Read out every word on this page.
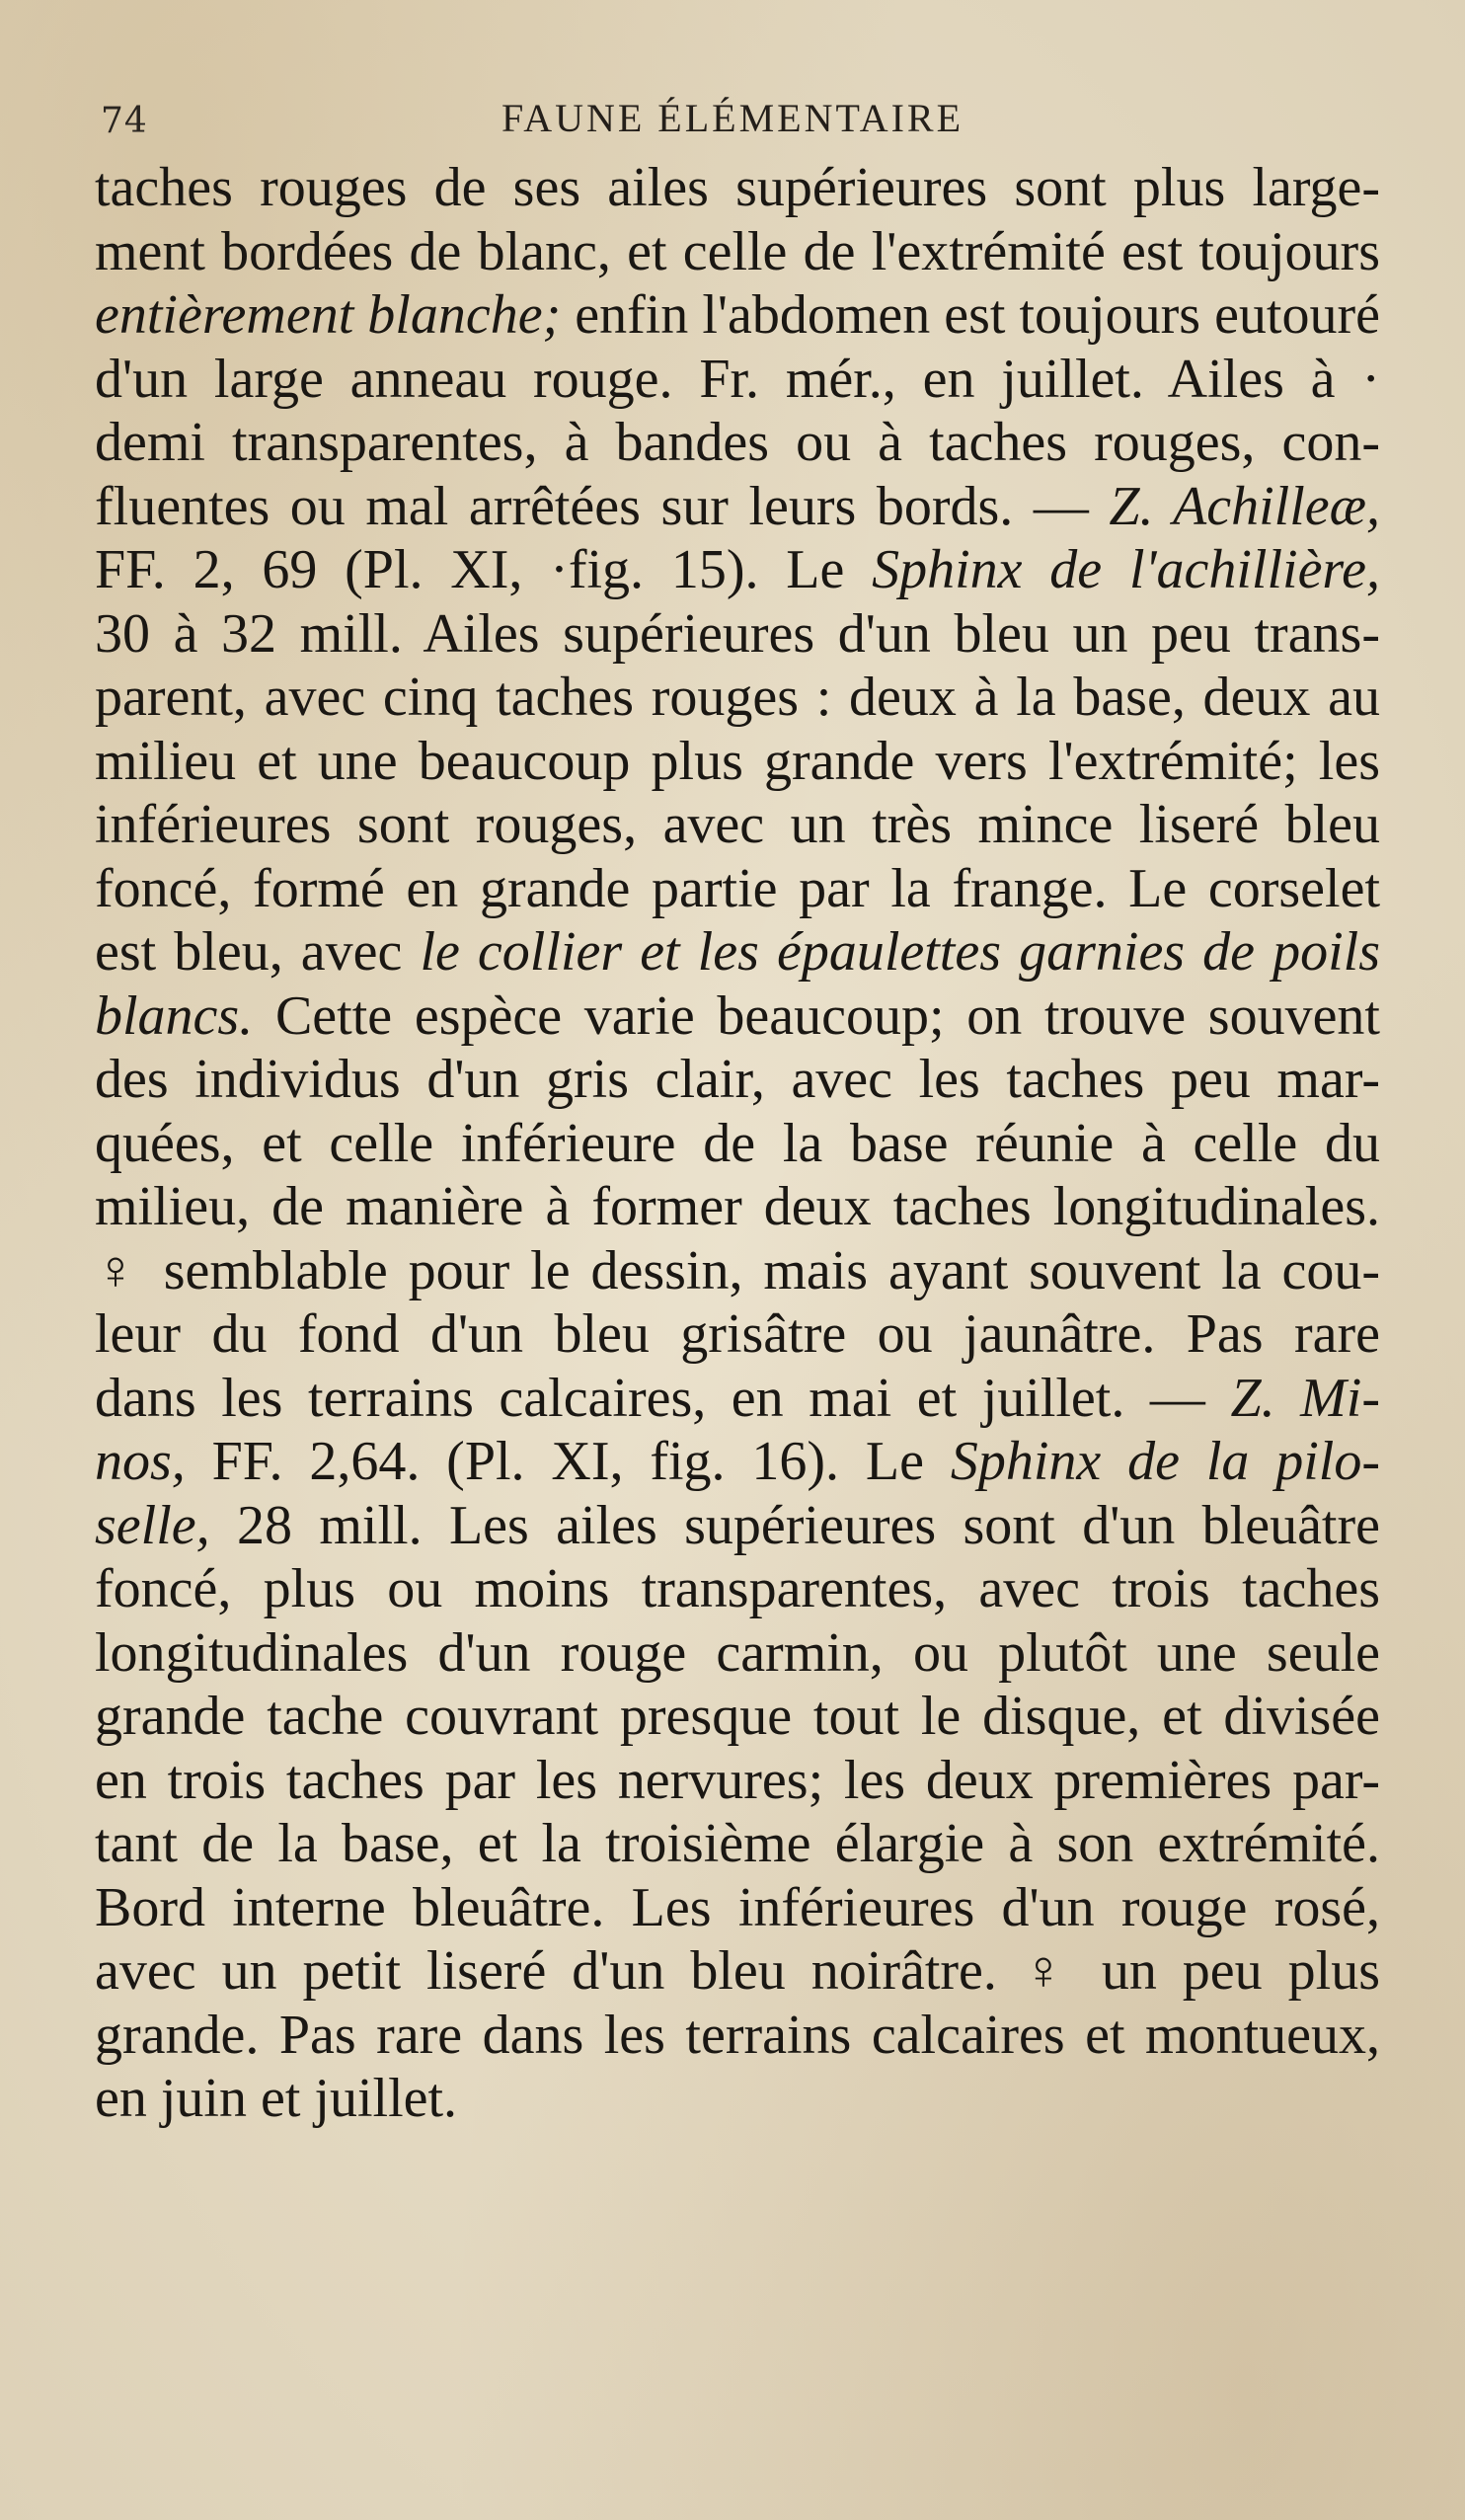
74	FAUNE ÉLÉMENTAIRE
taches rouges de ses ailes supérieures sont plus large-
ment bordées de blanc, et celle de l'extrémité est toujours
entièrement blanche; enfin l'abdomen est toujours eutouré
d'un large anneau rouge. Fr. mér., en juillet. Ailes à ·
demi transparentes, à bandes ou à taches rouges, con-
fluentes ou mal arrêtées sur leurs bords. — Z. Achilleæ,
FF. 2, 69 (Pl. XI, ·fig. 15). Le Sphinx de l'achillière,
30 à 32 mill. Ailes supérieures d'un bleu un peu trans-
parent, avec cinq taches rouges : deux à la base, deux au
milieu et une beaucoup plus grande vers l'extrémité; les
inférieures sont rouges, avec un très mince liseré bleu
foncé, formé en grande partie par la frange. Le corselet
est bleu, avec le collier et les épaulettes garnies de poils
blancs. Cette espèce varie beaucoup; on trouve souvent
des individus d'un gris clair, avec les taches peu mar-
quées, et celle inférieure de la base réunie à celle du
milieu, de manière à former deux taches longitudinales.
♀ semblable pour le dessin, mais ayant souvent la cou-
leur du fond d'un bleu grisâtre ou jaunâtre. Pas rare
dans les terrains calcaires, en mai et juillet. — Z. Mi-
nos, FF. 2,64. (Pl. XI, fig. 16). Le Sphinx de la pilo-
selle, 28 mill. Les ailes supérieures sont d'un bleuâtre
foncé, plus ou moins transparentes, avec trois taches
longitudinales d'un rouge carmin, ou plutôt une seule
grande tache couvrant presque tout le disque, et divisée
en trois taches par les nervures; les deux premières par-
tant de la base, et la troisième élargie à son extrémité.
Bord interne bleuâtre. Les inférieures d'un rouge rosé,
avec un petit liseré d'un bleu noirâtre. ♀ un peu plus
grande. Pas rare dans les terrains calcaires et montueux,
en juin et juillet.
